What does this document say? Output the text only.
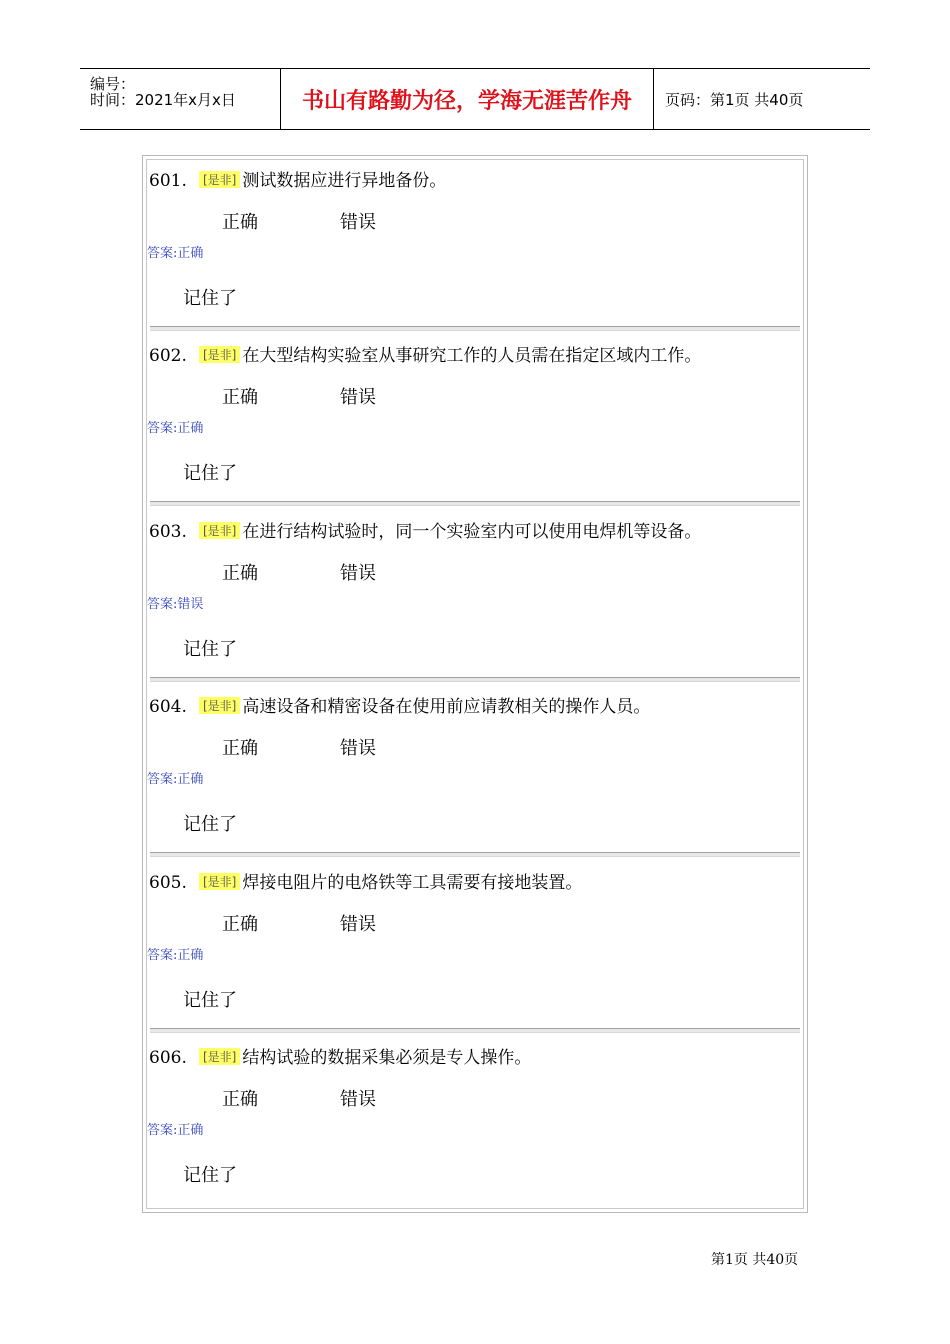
编号：
时间：2021年x月x日	书山有路勤为径，学海无涯苦作舟	页码：第1页 共40页
601. [是非] 测试数据应进行异地备份。
正确	错误
答案:正确
记住了
602. [是非] 在大型结构实验室从事研究工作的人员需在指定区域内工作。
正确	错误
答案:正确
记住了
603. [是非] 在进行结构试验时，同一个实验室内可以使用电焊机等设备。
正确	错误
答案:错误
记住了
604. [是非] 高速设备和精密设备在使用前应请教相关的操作人员。
正确	错误
答案:正确
记住了
605. [是非] 焊接电阻片的电烙铁等工具需要有接地装置。
正确	错误
答案:正确
记住了
606. [是非] 结构试验的数据采集必须是专人操作。
正确	错误
答案:正确
记住了
第1页 共40页
